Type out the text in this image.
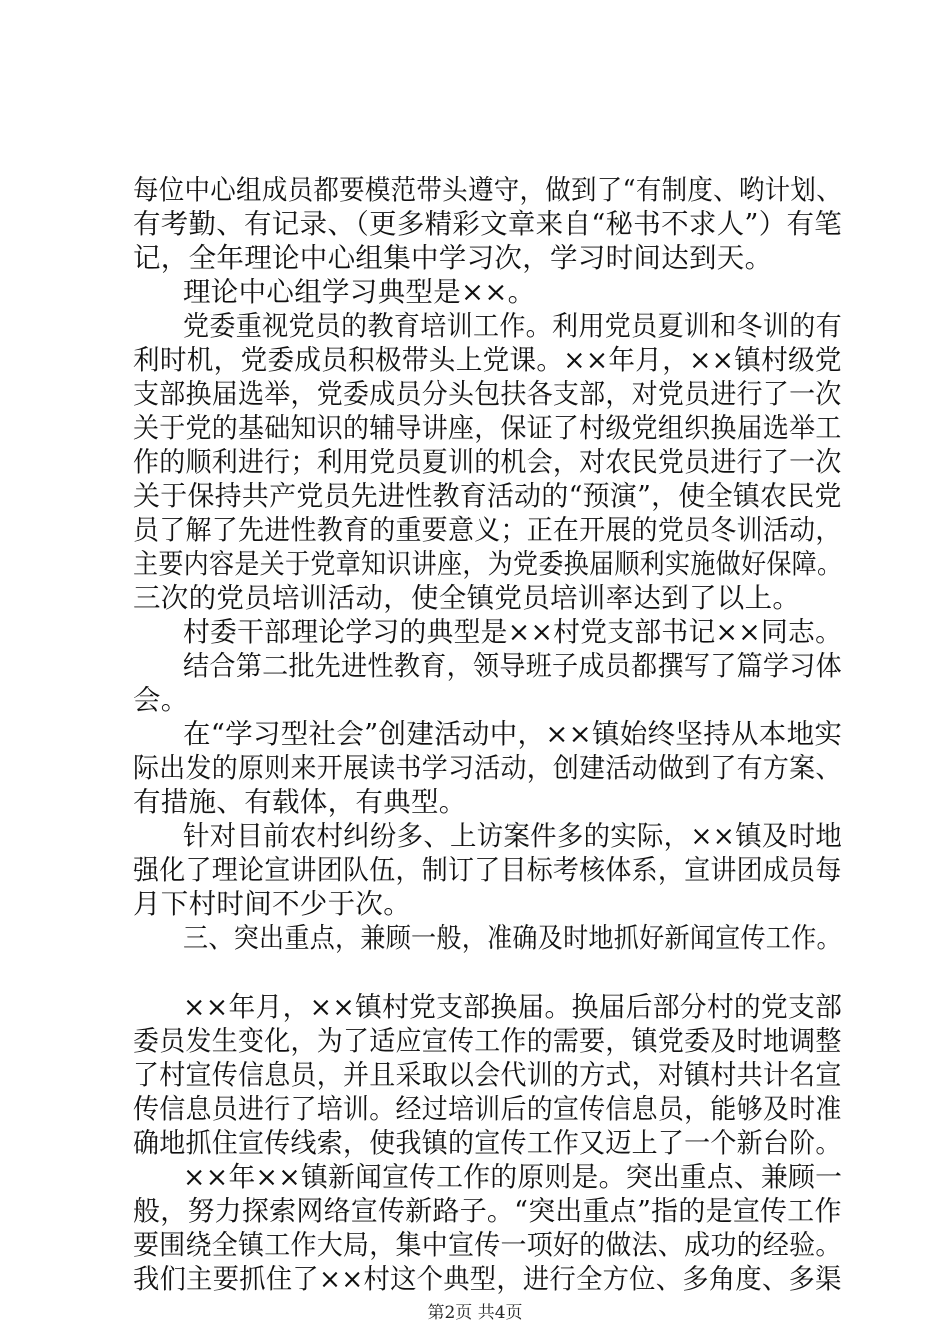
每位中心组成员都要模范带头遵守，做到了“有制度、哟计划、
有考勤、有记录、（更多精彩文章来自“秘书不求人”）有笔
记，全年理论中心组集中学习次，学习时间达到天。
理论中心组学习典型是××。
党委重视党员的教育培训工作。利用党员夏训和冬训的有
利时机，党委成员积极带头上党课。××年月，××镇村级党
支部换届选举，党委成员分头包扶各支部，对党员进行了一次
关于党的基础知识的辅导讲座，保证了村级党组织换届选举工
作的顺利进行；利用党员夏训的机会，对农民党员进行了一次
关于保持共产党员先进性教育活动的“预演”，使全镇农民党
员了解了先进性教育的重要意义；正在开展的党员冬训活动，
主要内容是关于党章知识讲座，为党委换届顺利实施做好保障。
三次的党员培训活动，使全镇党员培训率达到了以上。
村委干部理论学习的典型是××村党支部书记××同志。
结合第二批先进性教育，领导班子成员都撰写了篇学习体
会。
在“学习型社会”创建活动中，××镇始终坚持从本地实
际出发的原则来开展读书学习活动，创建活动做到了有方案、
有措施、有载体，有典型。
针对目前农村纠纷多、上访案件多的实际，××镇及时地
强化了理论宣讲团队伍，制订了目标考核体系，宣讲团成员每
月下村时间不少于次。
三、突出重点，兼顾一般，准确及时地抓好新闻宣传工作。
××年月，××镇村党支部换届。换届后部分村的党支部
委员发生变化，为了适应宣传工作的需要，镇党委及时地调整
了村宣传信息员，并且采取以会代训的方式，对镇村共计名宣
传信息员进行了培训。经过培训后的宣传信息员，能够及时准
确地抓住宣传线索，使我镇的宣传工作又迈上了一个新台阶。
××年××镇新闻宣传工作的原则是。突出重点、兼顾一
般，努力探索网络宣传新路子。“突出重点”指的是宣传工作
要围绕全镇工作大局，集中宣传一项好的做法、成功的经验。
我们主要抓住了××村这个典型，进行全方位、多角度、多渠
第2页 共4页
